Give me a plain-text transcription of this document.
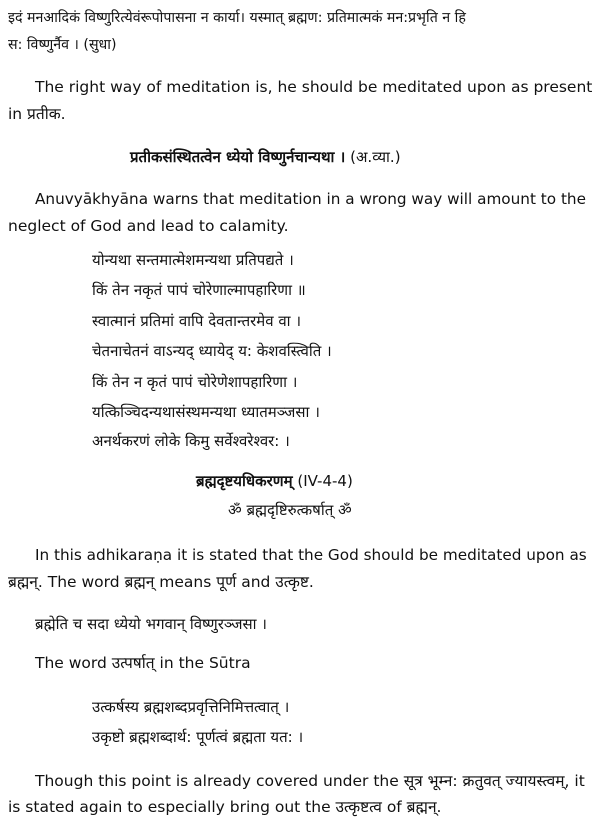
इदं मनआदिकं विष्णुरित्येवंरूपोपासना न कार्या। यस्मात् ब्रह्मण: प्रतिमात्मकं मन:प्रभृति न हि
स: विष्णुर्नैव । (सुधा)
The right way of meditation is, he should be meditated upon as present
in प्रतीक.
प्रतीकसंस्थितत्वेन ध्येयो विष्णुर्नचान्यथा । (अ.व्या.)
Anuvyākhyāna warns that meditation in a wrong way will amount to the
neglect of God and lead to calamity.
योन्यथा सन्तमात्मेशमन्यथा प्रतिपद्यते ।
किं तेन नकृतं पापं चोरेणाल्मापहारिणा ॥
स्वात्मानं प्रतिमां वापि देवतान्तरमेव वा ।
चेतनाचेतनं वाऽन्यद् ध्यायेद् य: केशवस्त्विति ।
किं तेन न कृतं पापं चोरेणेशापहारिणा ।
यत्किञ्चिदन्यथासंस्थमन्यथा ध्यातमञ्जसा ।
अनर्थकरणं लोके किमु सर्वेश्वरेश्वर: ।
ब्रह्मदृष्टयधिकरणम् (IV-4-4)
ॐ ब्रह्मदृष्टिरुत्कर्षात् ॐ
In this adhikaraṇa it is stated that the God should be meditated upon as
ब्रह्मन्. The word ब्रह्मन् means पूर्ण and उत्कृष्ट.
ब्रह्मेति च सदा ध्येयो भगवान् विष्णुरञ्जसा ।
The word उत्पर्षात् in the Sūtra
उत्कर्षस्य ब्रह्मशब्दप्रवृत्तिनिमित्तत्वात् ।
उकृष्टो ब्रह्मशब्दार्थ: पूर्णत्वं ब्रह्मता यत: ।
Though this point is already covered under the सूत्र भूम्न: क्रतुवत् ज्यायस्त्वम्, it
is stated again to especially bring out the उत्कृष्टत्व of ब्रह्मन्.
